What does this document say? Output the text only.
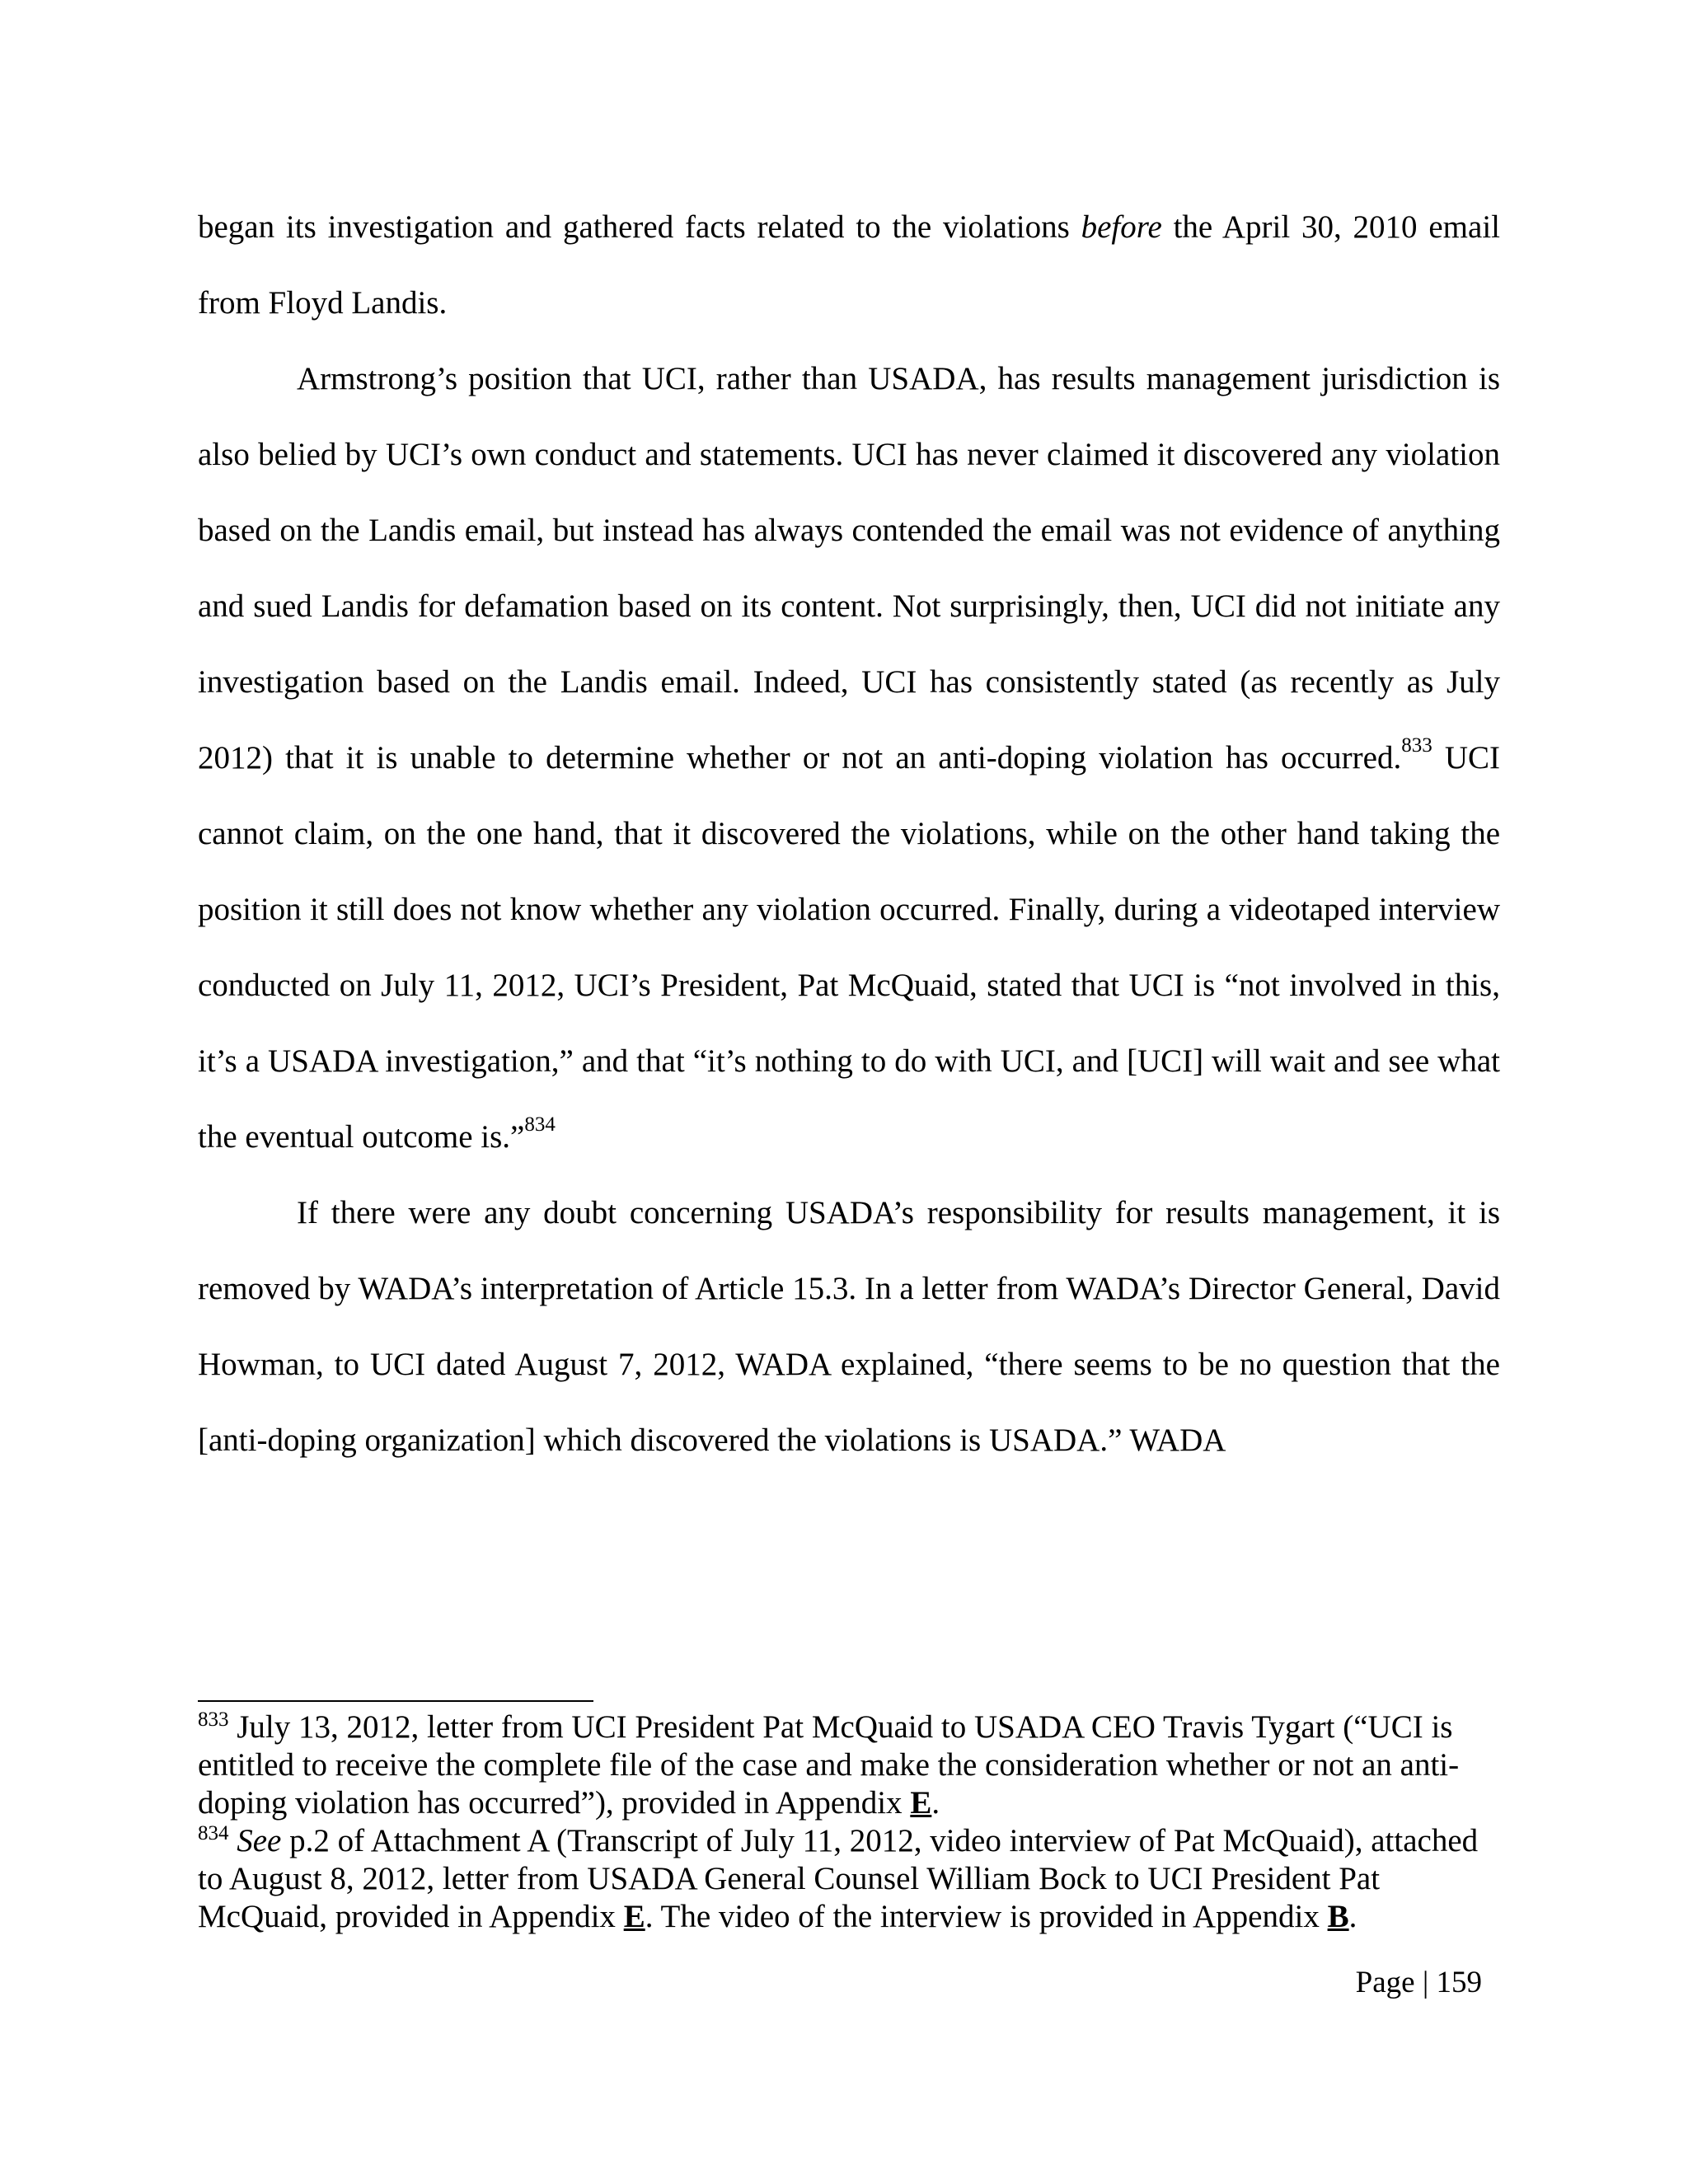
began its investigation and gathered facts related to the violations before the April 30, 2010 email from Floyd Landis.

Armstrong’s position that UCI, rather than USADA, has results management jurisdiction is also belied by UCI’s own conduct and statements. UCI has never claimed it discovered any violation based on the Landis email, but instead has always contended the email was not evidence of anything and sued Landis for defamation based on its content. Not surprisingly, then, UCI did not initiate any investigation based on the Landis email. Indeed, UCI has consistently stated (as recently as July 2012) that it is unable to determine whether or not an anti-doping violation has occurred.$^{833}$ UCI cannot claim, on the one hand, that it discovered the violations, while on the other hand taking the position it still does not know whether any violation occurred. Finally, during a videotaped interview conducted on July 11, 2012, UCI’s President, Pat McQuaid, stated that UCI is “not involved in this, it’s a USADA investigation,” and that “it’s nothing to do with UCI, and [UCI] will wait and see what the eventual outcome is.”$^{834}$

If there were any doubt concerning USADA’s responsibility for results management, it is removed by WADA’s interpretation of Article 15.3. In a letter from WADA’s Director General, David Howman, to UCI dated August 7, 2012, WADA explained, “there seems to be no question that the [anti-doping organization] which discovered the violations is USADA.” WADA

$^{833}$ July 13, 2012, letter from UCI President Pat McQuaid to USADA CEO Travis Tygart (“UCI is entitled to receive the complete file of the case and make the consideration whether or not an anti-doping violation has occurred”), provided in Appendix E.

$^{834}$ See p.2 of Attachment A (Transcript of July 11, 2012, video interview of Pat McQuaid), attached to August 8, 2012, letter from USADA General Counsel William Bock to UCI President Pat McQuaid, provided in Appendix E. The video of the interview is provided in Appendix B.

Page | 159
